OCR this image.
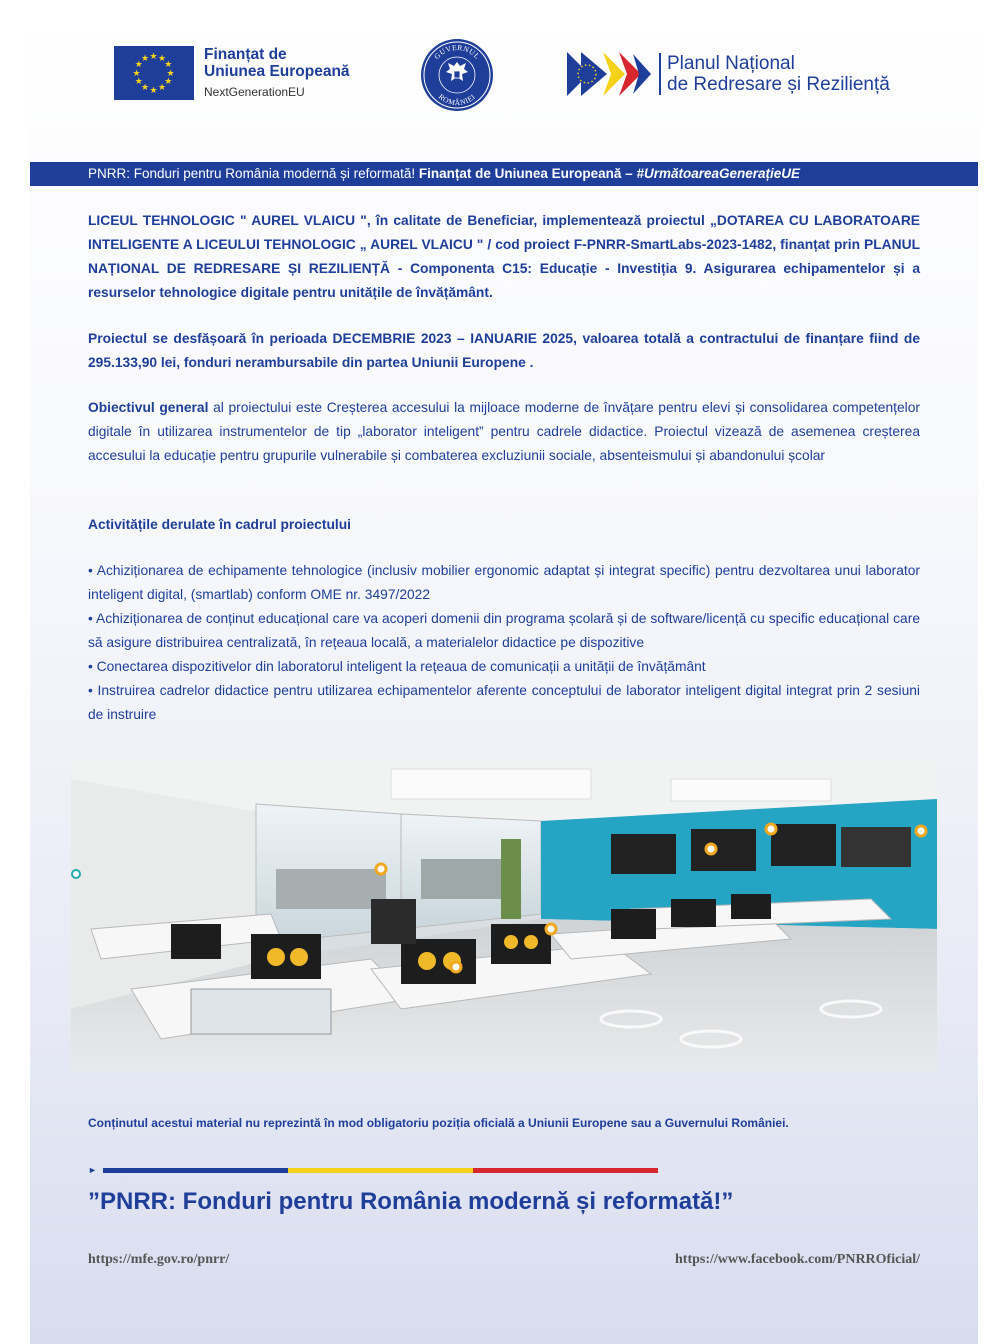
★
★
★
★
★
★
★
★
★ ★ ★
★
Finanțat de
Uniunea Europeană
NextGenerationEU
GUVERNUL
ROMÂNIEI
Planul Național
de Redresare și Reziliență
PNRR: Fonduri pentru România modernă și reformată! Finanțat de Uniunea Europeană – #UrmătoareaGenerațieUE
LICEUL TEHNOLOGIC " AUREL VLAICU ", în calitate de Beneficiar, implementează proiectul „DOTAREA CU LABORATOARE INTELIGENTE A LICEULUI TEHNOLOGIC „ AUREL VLAICU " / cod proiect F-PNRR-SmartLabs-2023-1482, finanțat prin PLANUL NAȚIONAL DE REDRESARE ȘI REZILIENȚĂ - Componenta C15: Educație - Investiția 9. Asigurarea echipamentelor și a resurselor tehnologice digitale pentru unitățile de învățământ.
Proiectul se desfășoară în perioada DECEMBRIE 2023 – IANUARIE 2025, valoarea totală a contractului de finanțare fiind de 295.133,90 lei, fonduri nerambursabile din partea Uniunii Europene .
Obiectivul general al proiectului este Creșterea accesului la mijloace moderne de învățare pentru elevi și consolidarea competențelor digitale în utilizarea instrumentelor de tip „laborator inteligent” pentru cadrele didactice. Proiectul vizează de asemenea creșterea accesului la educație pentru grupurile vulnerabile și combaterea excluziunii sociale, absenteismului și abandonului școlar
Activitățile derulate în cadrul proiectului
• Achiziționarea de echipamente tehnologice (inclusiv mobilier ergonomic adaptat și integrat specific) pentru dezvoltarea unui laborator inteligent digital, (smartlab) conform OME nr. 3497/2022
• Achiziționarea de conținut educațional care va acoperi domenii din programa școlară și de software/licență cu specific educațional care să asigure distribuirea centralizată, în rețeaua locală, a materialelor didactice pe dispozitive
• Conectarea dispozitivelor din laboratorul inteligent la rețeaua de comunicații a unității de învățământ
• Instruirea cadrelor didactice pentru utilizarea echipamentelor aferente conceptului de laborator inteligent digital integrat prin 2 sesiuni de instruire
Conținutul acestui material nu reprezintă în mod obligatoriu poziția oficială a Uniunii Europene sau a Guvernului României.
►
”PNRR: Fonduri pentru România modernă și reformată!”
https://mfe.gov.ro/pnrr/	https://www.facebook.com/PNRROficial/
